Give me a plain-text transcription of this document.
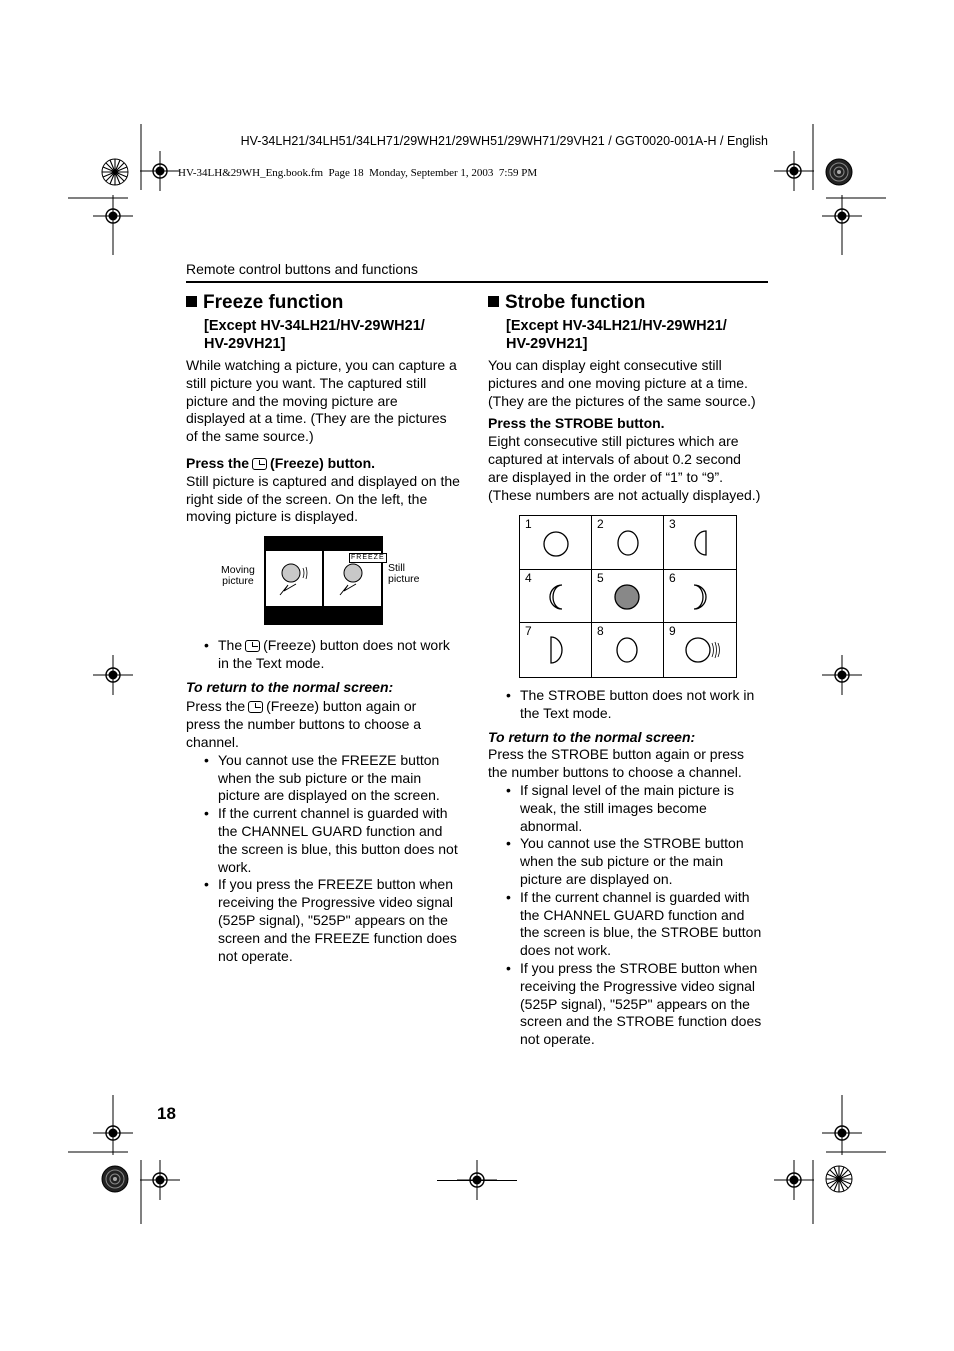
HV-34LH21/34LH51/34LH71/29WH21/29WH51/29WH71/29VH21 / GGT0020-001A-H / English
HV-34LH&29WH_Eng.book.fm  Page 18  Monday, September 1, 2003  7:59 PM
Remote control buttons and functions
Freeze function
[Except HV-34LH21/HV-29WH21/
HV-29VH21]
While watching a picture, you can capture a
still picture you want. The captured still
picture and the moving picture are
displayed at a time. (They are the pictures
of the same source.)
Press the (Freeze) button.
Still picture is captured and displayed on the
right side of the screen. On the left, the
moving picture is displayed.
FREEZE
Moving
picture
Still
picture
• The (Freeze) button does not work
in the Text mode.
To return to the normal screen:
Press the (Freeze) button again or
press the number buttons to choose a
channel.
• You cannot use the FREEZE button
when the sub picture or the main
picture are displayed on the screen.
• If the current channel is guarded with
the CHANNEL GUARD function and
the screen is blue, this button does not
work.
• If you press the FREEZE button when
receiving the Progressive video signal
(525P signal), "525P" appears on the
screen and the FREEZE function does
not operate.
Strobe function
[Except HV-34LH21/HV-29WH21/
HV-29VH21]
You can display eight consecutive still
pictures and one moving picture at a time.
(They are the pictures of the same source.)
Press the STROBE button.
Eight consecutive still pictures which are
captured at intervals of about 0.2 second
are displayed in the order of “1” to “9”.
(These numbers are not actually displayed.)
1	2	3
4	5	6
7	8	9
• The STROBE button does not work in
the Text mode.
To return to the normal screen:
Press the STROBE button again or press
the number buttons to choose a channel.
• If signal level of the main picture is
weak, the still images become
abnormal.
• You cannot use the STROBE button
when the sub picture or the main
picture are displayed on.
• If the current channel is guarded with
the CHANNEL GUARD function and
the screen is blue, the STROBE button
does not work.
• If you press the STROBE button when
receiving the Progressive video signal
(525P signal), "525P" appears on the
screen and the STROBE function does
not operate.
18
